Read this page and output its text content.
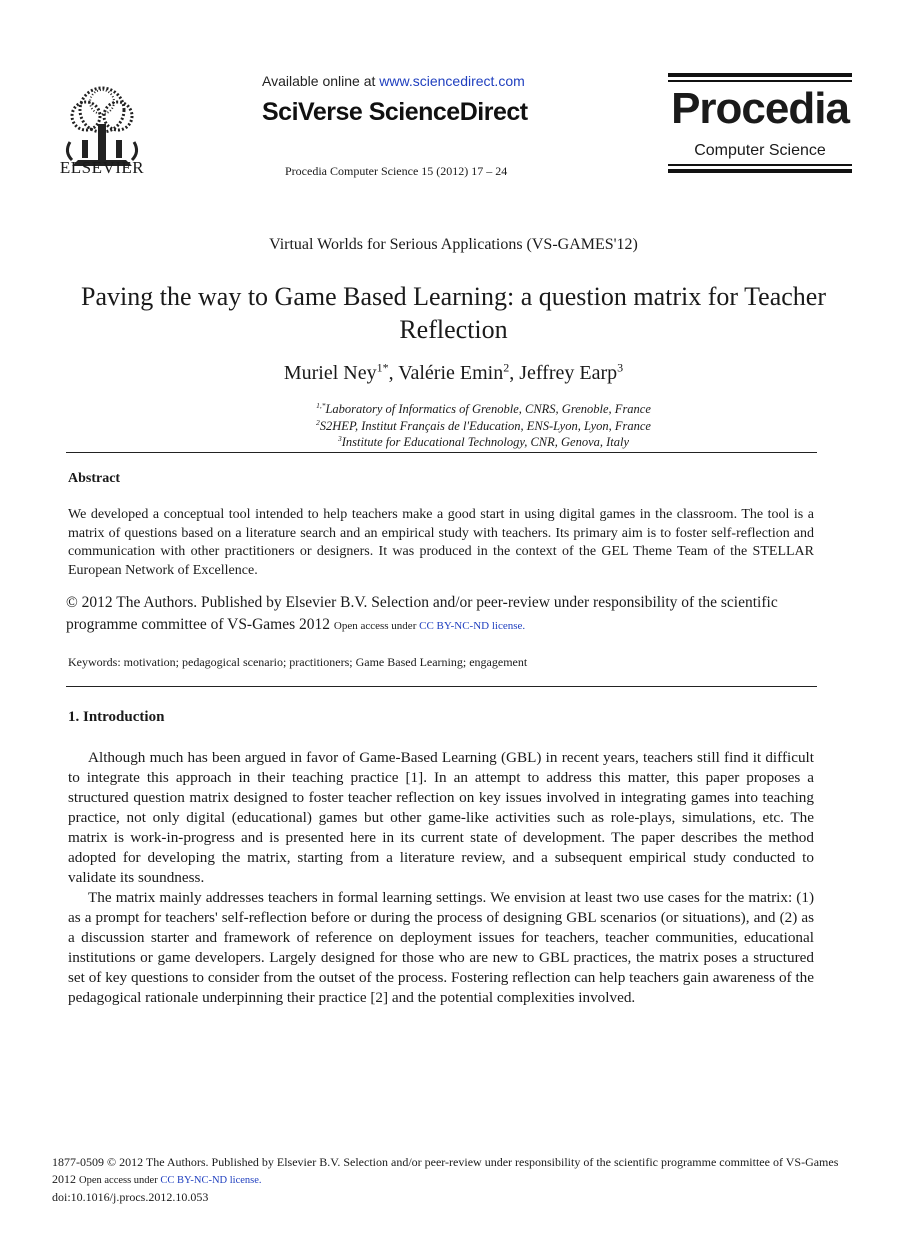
ELSEVIER
Available online at www.sciencedirect.com
SciVerse ScienceDirect
Procedia Computer Science 15 (2012) 17 – 24
Procedia
Computer Science
Virtual Worlds for Serious Applications (VS-GAMES'12)
Paving the way to Game Based Learning: a question matrix for Teacher Reflection
Muriel Ney$^{1*}$, Valérie Emin$^2$, Jeffrey Earp$^3$
$^{1,*}$Laboratory of Informatics of Grenoble, CNRS, Grenoble, France
$^2$S2HEP, Institut Français de l'Education, ENS-Lyon, Lyon, France
$^3$Institute for Educational Technology, CNR, Genova, Italy
Abstract
We developed a conceptual tool intended to help teachers make a good start in using digital games in the classroom. The tool is a matrix of questions based on a literature search and an empirical study with teachers. Its primary aim is to foster self-reflection and communication with other practitioners or designers. It was produced in the context of the GEL Theme Team of the STELLAR European Network of Excellence.
© 2012 The Authors. Published by Elsevier B.V. Selection and/or peer-review under responsibility of the scientific programme committee of VS-Games 2012 Open access under CC BY-NC-ND license.
Keywords: motivation; pedagogical scenario; practitioners; Game Based Learning; engagement
1. Introduction
Although much has been argued in favor of Game-Based Learning (GBL) in recent years, teachers still find it difficult to integrate this approach in their teaching practice [1]. In an attempt to address this matter, this paper proposes a structured question matrix designed to foster teacher reflection on key issues involved in integrating games into teaching practice, not only digital (educational) games but other game-like activities such as role-plays, simulations, etc. The matrix is work-in-progress and is presented here in its current state of development. The paper describes the method adopted for developing the matrix, starting from a literature review, and a subsequent empirical study conducted to validate its soundness.
The matrix mainly addresses teachers in formal learning settings. We envision at least two use cases for the matrix: (1) as a prompt for teachers' self-reflection before or during the process of designing GBL scenarios (or situations), and (2) as a discussion starter and framework of reference on deployment issues for teachers, teacher communities, educational institutions or game developers. Largely designed for those who are new to GBL practices, the matrix poses a structured set of key questions to consider from the outset of the process. Fostering reflection can help teachers gain awareness of the pedagogical rationale underpinning their practice [2] and the potential complexities involved.
1877-0509 © 2012 The Authors. Published by Elsevier B.V. Selection and/or peer-review under responsibility of the scientific programme committee of VS-Games 2012 Open access under CC BY-NC-ND license.
doi:10.1016/j.procs.2012.10.053
